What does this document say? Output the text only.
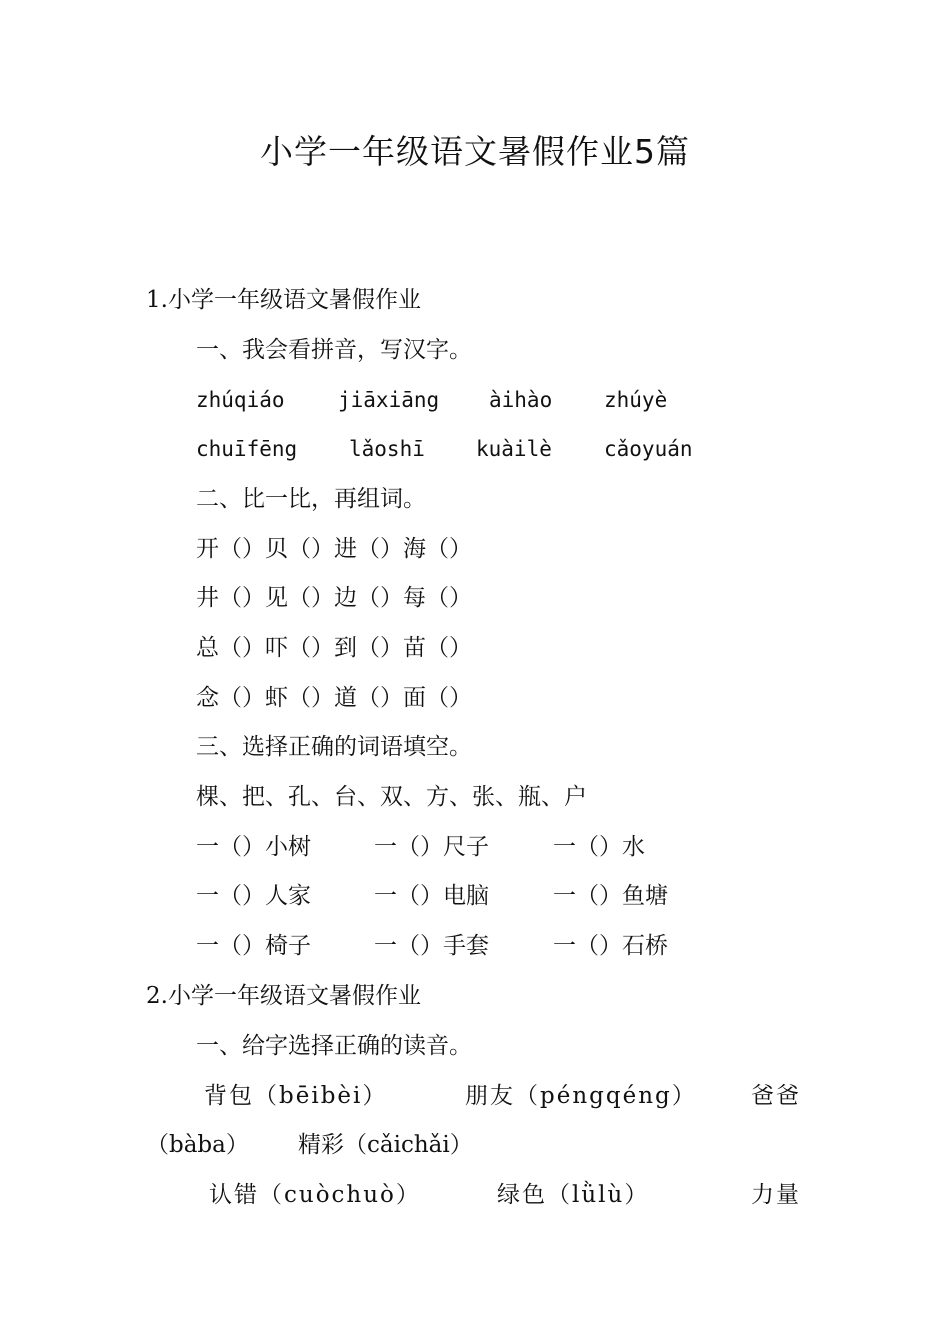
小学一年级语文暑假作业5篇
1.小学一年级语文暑假作业
一、我会看拼音，写汉字。
zhúqiáo	jiāxiāng àihào zhúyè
chuīfēng lǎoshī kuàilè cǎoyuán
二、比一比，再组词。
开（）贝（）进（）海（）
井（）见（）边（）每（）
总（）吓（）到（）苗（）
念（）虾（）道（）面（）
三、选择正确的词语填空。
棵、把、孔、台、双、方、张、瓶、户
一（）小树	一（）尺子	一（）水
一（）人家	一（）电脑	一（）鱼塘
一（）椅子	一（）手套	一（）石桥
2.小学一年级语文暑假作业
一、给字选择正确的读音。
背包（bēibèi）	朋友（péngqéng） 爸爸
（bàba） 精彩（cǎichǎi）
认错（cuòchuò）	绿色（lǜlù）	力量
